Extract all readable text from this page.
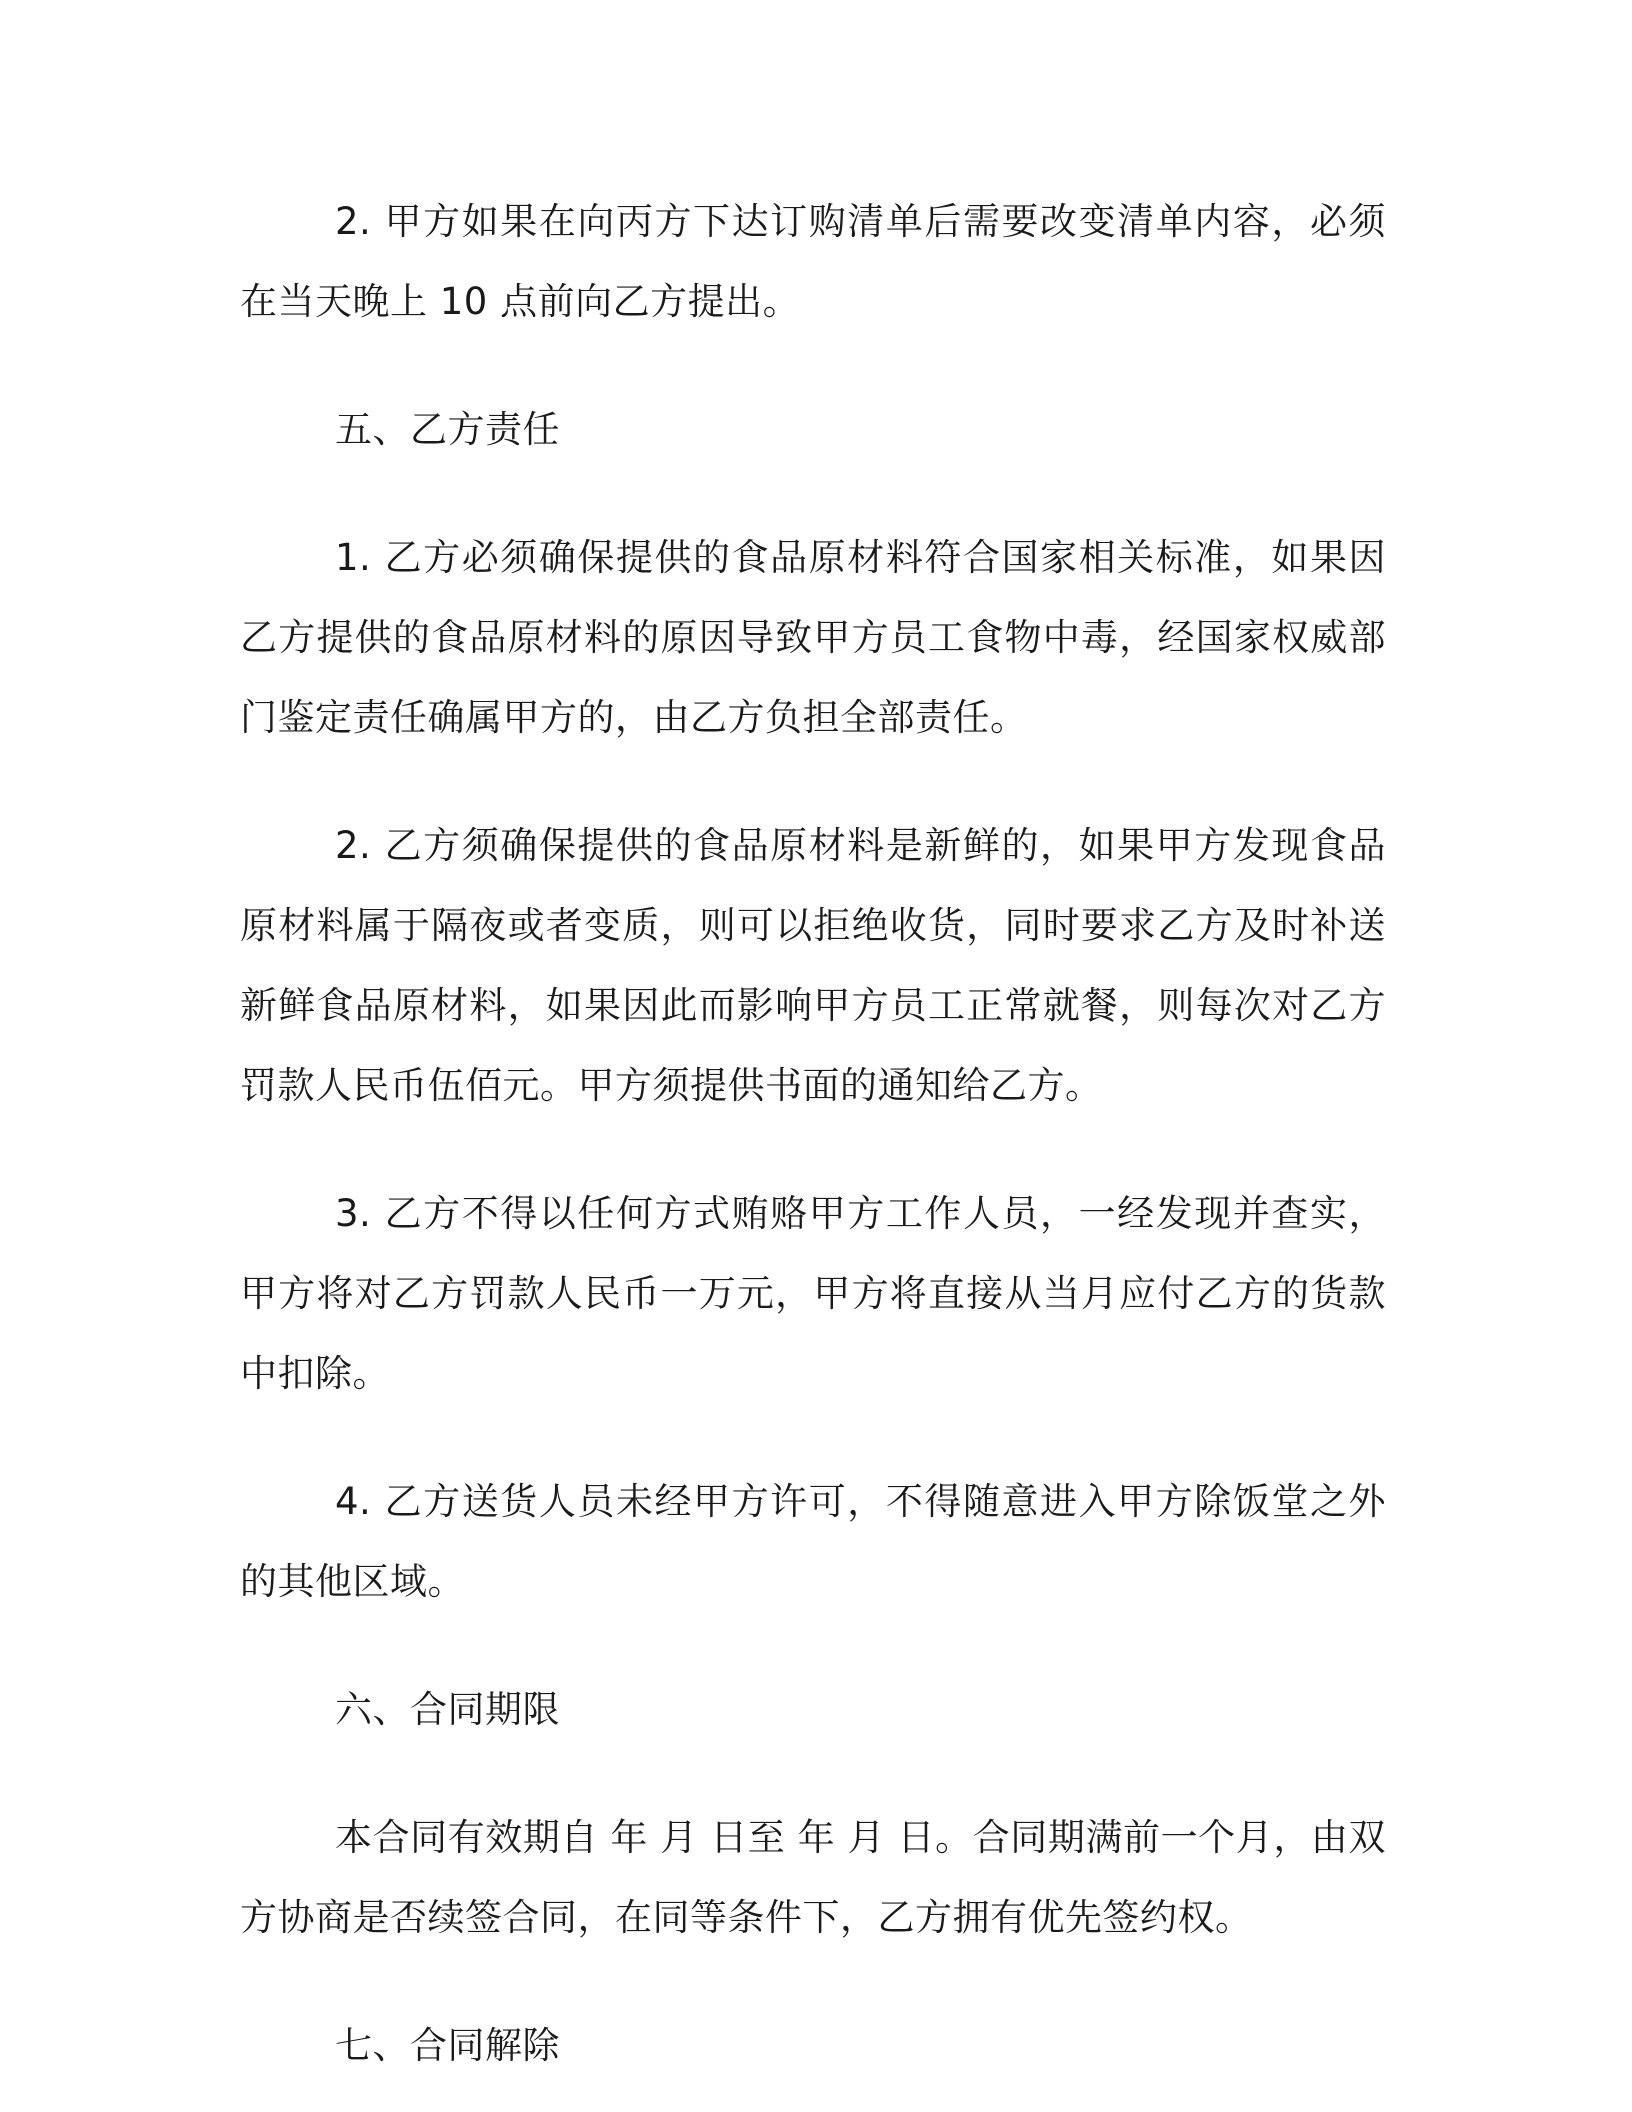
2. 甲方如果在向丙方下达订购清单后需要改变清单内容，必须在当天晚上 10 点前向乙方提出。

五、乙方责任

1. 乙方必须确保提供的食品原材料符合国家相关标准，如果因乙方提供的食品原材料的原因导致甲方员工食物中毒，经国家权威部门鉴定责任确属甲方的，由乙方负担全部责任。

2. 乙方须确保提供的食品原材料是新鲜的，如果甲方发现食品原材料属于隔夜或者变质，则可以拒绝收货，同时要求乙方及时补送新鲜食品原材料，如果因此而影响甲方员工正常就餐，则每次对乙方罚款人民币伍佰元。甲方须提供书面的通知给乙方。

3. 乙方不得以任何方式贿赂甲方工作人员，一经发现并查实，甲方将对乙方罚款人民币一万元，甲方将直接从当月应付乙方的货款中扣除。

4. 乙方送货人员未经甲方许可，不得随意进入甲方除饭堂之外的其他区域。

六、合同期限

本合同有效期自 年 月 日至 年 月 日。合同期满前一个月，由双方协商是否续签合同，在同等条件下，乙方拥有优先签约权。

七、合同解除
